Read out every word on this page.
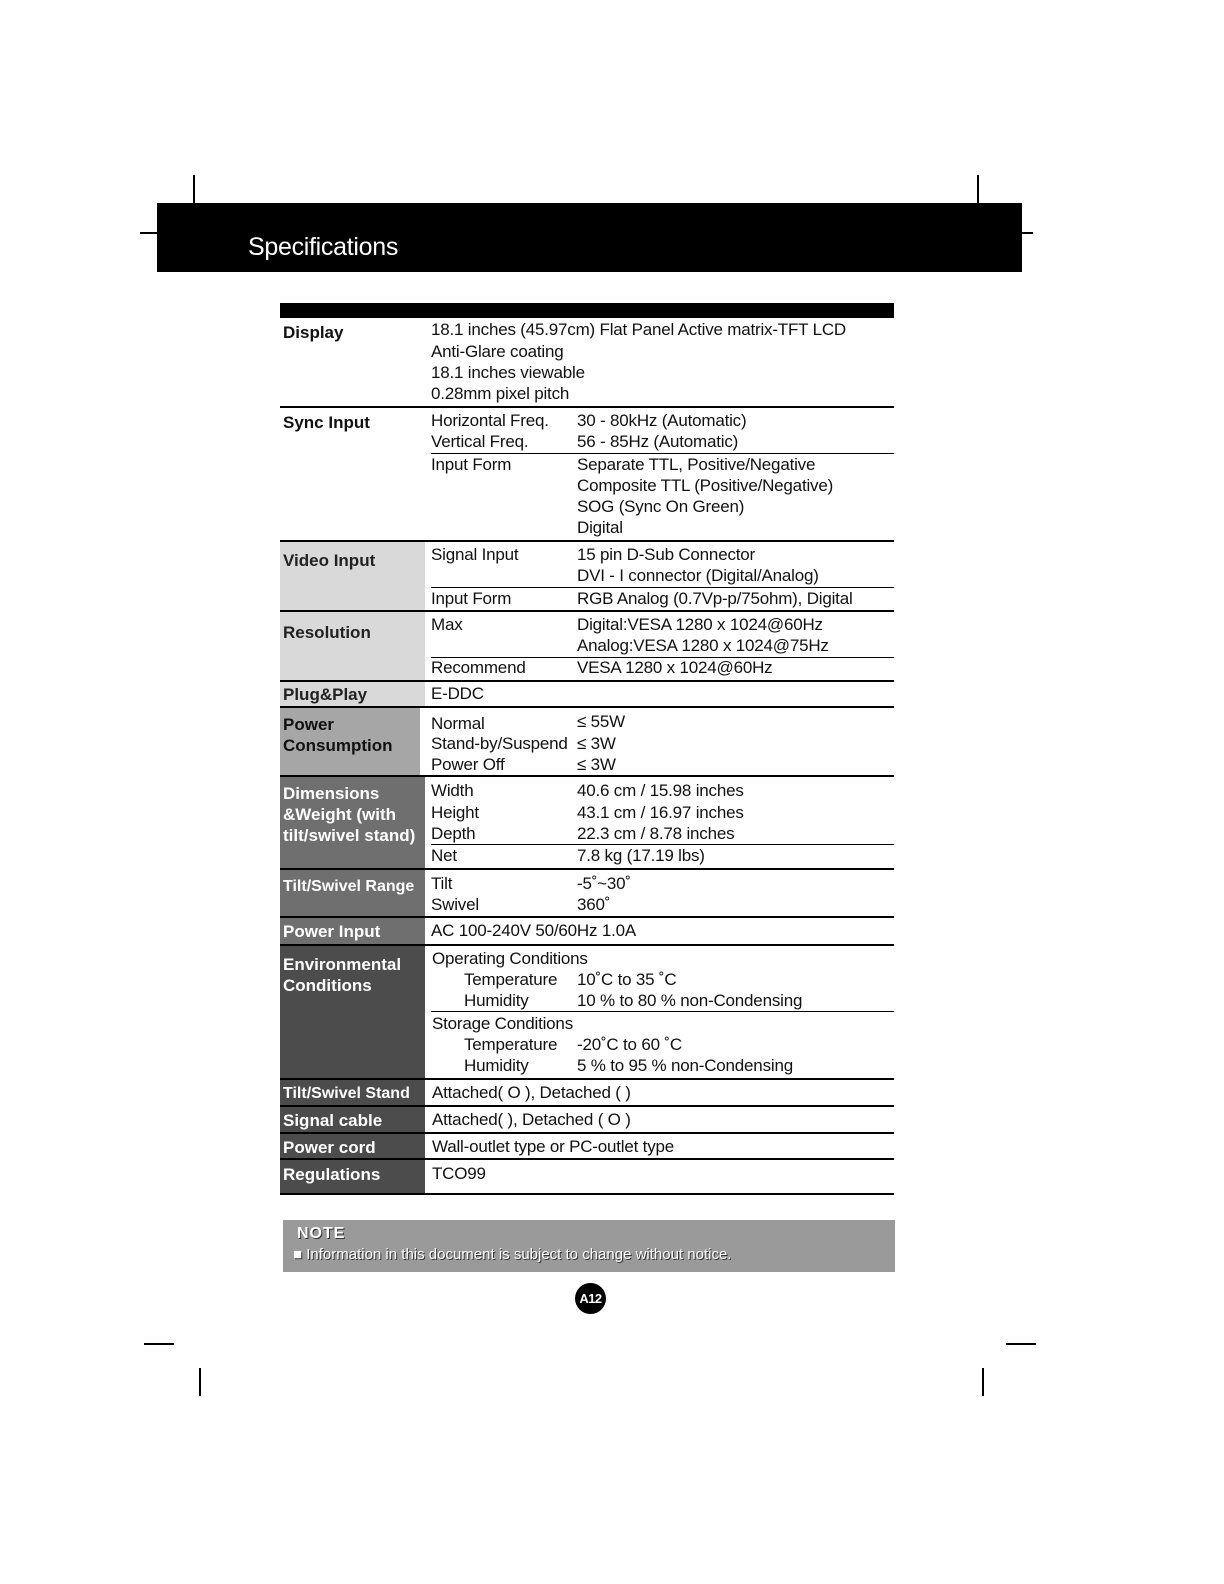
Specifications
Display	18.1 inches (45.97cm) Flat Panel Active matrix-TFT LCD
Anti-Glare coating
18.1 inches viewable
0.28mm pixel pitch
Sync Input	Horizontal Freq. 30 - 80kHz (Automatic)
Vertical Freq.	56 - 85Hz (Automatic)
Input Form	Separate TTL, Positive/Negative
Composite TTL (Positive/Negative)
SOG (Sync On Green)
Digital
Video Input	Signal Input	15 pin D-Sub Connector
DVI - I connector (Digital/Analog)
Input Form	RGB Analog (0.7Vp-p/75ohm), Digital
Resolution	Max	Digital:VESA 1280 x 1024@60Hz
Analog:VESA 1280 x 1024@75Hz
Recommend	VESA 1280 x 1024@60Hz
Plug&Play	E-DDC
Power Consumption
Normal	≤ 55W
Stand-by/Suspend ≤ 3W
Power Off	≤ 3W
Dimensions &Weight (with tilt/swivel stand)
Width	40.6 cm / 15.98 inches
Height	43.1 cm / 16.97 inches
Depth	22.3 cm / 8.78 inches
Net	7.8 kg (17.19 lbs)
Tilt/Swivel Range Tilt	-5˚~30˚
Swivel	360˚
Power Input	AC 100-240V 50/60Hz 1.0A
Environmental Conditions
Operating Conditions
Temperature 10˚C to 35 ˚C
Humidity	10 % to 80 % non-Condensing
Storage Conditions
Temperature -20˚C to 60 ˚C
Humidity	5 % to 95 % non-Condensing
Tilt/Swivel Stand	Attached( O ), Detached ( )
Signal cable	Attached( ), Detached ( O )
Power cord	Wall-outlet type or PC-outlet type
Regulations	TCO99
NOTE
■ Information in this document is subject to change without notice.
A12
